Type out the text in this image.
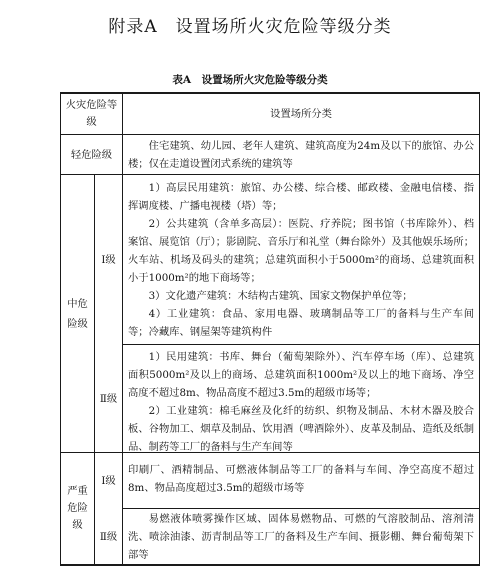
附录A　设置场所火灾危险等级分类
表A　设置场所火灾危险等级分类
火灾危险等级
设置场所分类
轻危险级

住宅建筑、幼儿园、老年人建筑、建筑高度为24m及以下的旅馆、办公楼；仅在走道设置闭式系统的建筑等

中危险级
Ⅰ级

1）高层民用建筑：旅馆、办公楼、综合楼、邮政楼、金融电信楼、指挥调度楼、广播电视楼（塔）等；

2）公共建筑（含单多高层）：医院、疗养院；图书馆（书库除外）、档案馆、展览馆（厅）；影剧院、音乐厅和礼堂（舞台除外）及其他娱乐场所；火车站、机场及码头的建筑；总建筑面积小于5000m²的商场、总建筑面积小于1000m²的地下商场等；

3）文化遗产建筑：木结构古建筑、国家文物保护单位等；

4）工业建筑：食品、家用电器、玻璃制品等工厂的备料与生产车间等；冷藏库、钢屋架等建筑构件

Ⅱ级

1）民用建筑：书库、舞台（葡萄架除外）、汽车停车场（库）、总建筑面积5000m²及以上的商场、总建筑面积1000m²及以上的地下商场、净空高度不超过8m、物品高度不超过3.5m的超级市场等；

2）工业建筑：棉毛麻丝及化纤的纺织、织物及制品、木材木器及胶合板、谷物加工、烟草及制品、饮用酒（啤酒除外）、皮革及制品、造纸及纸制品、制药等工厂的备料与生产车间等

严重危险级
Ⅰ级

印刷厂、酒精制品、可燃液体制品等工厂的备料与车间、净空高度不超过8m、物品高度超过3.5m的超级市场等

Ⅱ级

易燃液体喷雾操作区域、固体易燃物品、可燃的气溶胶制品、溶剂清洗、喷涂油漆、沥青制品等工厂的备料及生产车间、摄影棚、舞台葡萄架下部等
